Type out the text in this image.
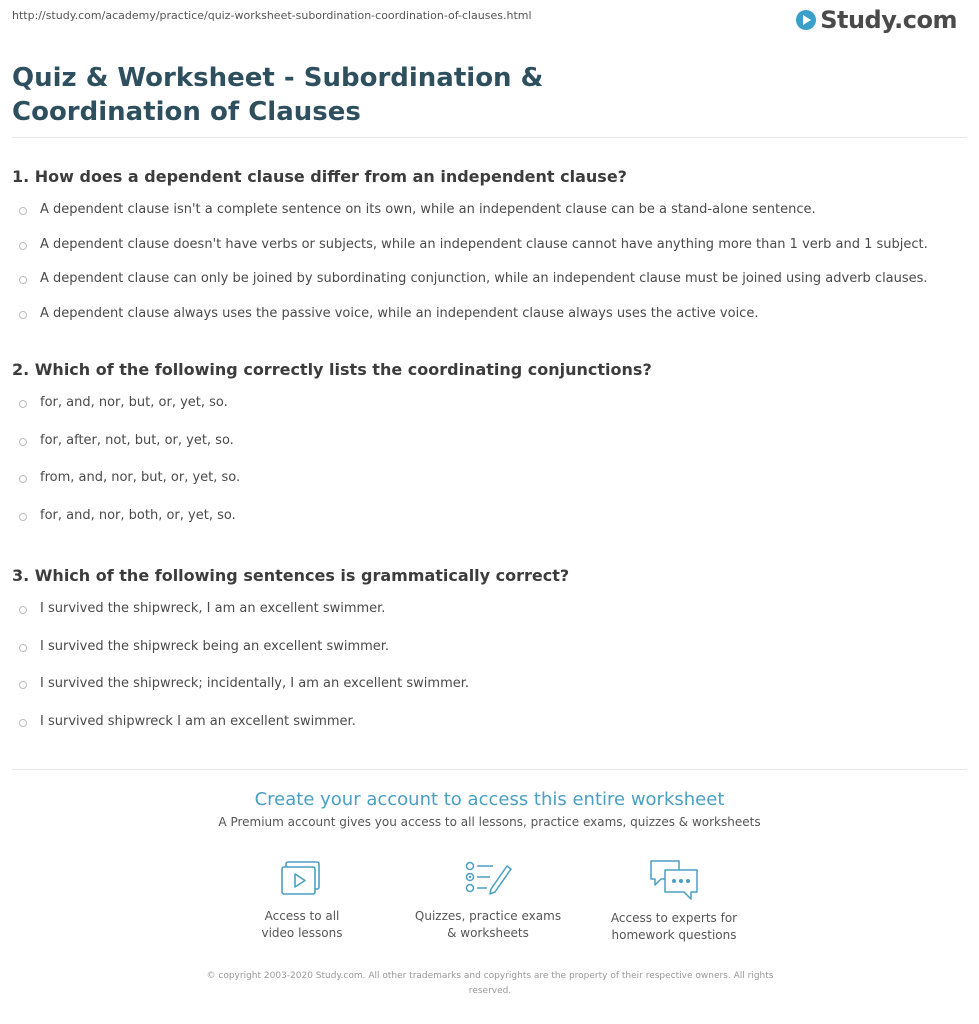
http://study.com/academy/practice/quiz-worksheet-subordination-coordination-of-clauses.html	Study.com
Quiz & Worksheet - Subordination & Coordination of Clauses

1. How does a dependent clause differ from an independent clause?

A dependent clause isn't a complete sentence on its own, while an independent clause can be a stand-alone sentence.
A dependent clause doesn't have verbs or subjects, while an independent clause cannot have anything more than 1 verb and 1 subject.
A dependent clause can only be joined by subordinating conjunction, while an independent clause must be joined using adverb clauses.
A dependent clause always uses the passive voice, while an independent clause always uses the active voice.

2. Which of the following correctly lists the coordinating conjunctions?

for, and, nor, but, or, yet, so.
for, after, not, but, or, yet, so.
from, and, nor, but, or, yet, so.
for, and, nor, both, or, yet, so.

3. Which of the following sentences is grammatically correct?

I survived the shipwreck, I am an excellent swimmer.
I survived the shipwreck being an excellent swimmer.
I survived the shipwreck; incidentally, I am an excellent swimmer.
I survived shipwreck I am an excellent swimmer.
Create your account to access this entire worksheet
A Premium account gives you access to all lessons, practice exams, quizzes & worksheets
Access to all
video lessons
Quizzes, practice exams
& worksheets
Access to experts for
homework questions
© copyright 2003-2020 Study.com. All other trademarks and copyrights are the property of their respective owners. All rights reserved.
